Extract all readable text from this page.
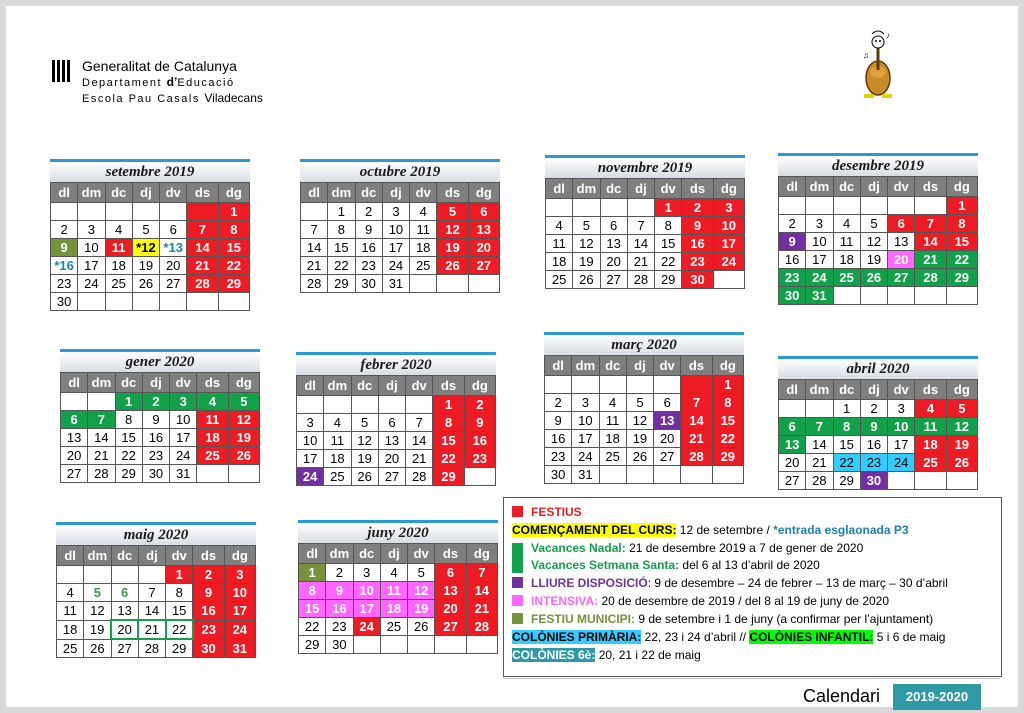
Generalitat de Catalunya
Departament d’Educació
Escola Pau Casals Viladecans
♪
♫
setembre 2019
dl	dm	dc	dj	dv	ds	dg
						1
2	3	4	5	6	7	8
9	10	11	*12	*13	14	15
*16	17	18	19	20	21	22
23	24	25	26	27	28	29
30						
octubre 2019
dl	dm	dc	dj	dv	ds	dg
	1	2	3	4	5	6
7	8	9	10	11	12	13
14	15	16	17	18	19	20
21	22	23	24	25	26	27
28	29	30	31			
novembre 2019
dl	dm	dc	dj	dv	ds	dg
				1	2	3
4	5	6	7	8	9	10
11	12	13	14	15	16	17
18	19	20	21	22	23	24
25	26	27	28	29	30	
desembre 2019
dl	dm	dc	dj	dv	ds	dg
						1
2	3	4	5	6	7	8
9	10	11	12	13	14	15
16	17	18	19	20	21	22
23	24	25	26	27	28	29
30	31					
gener 2020
dl	dm	dc	dj	dv	ds	dg
		1	2	3	4	5
6	7	8	9	10	11	12
13	14	15	16	17	18	19
20	21	22	23	24	25	26
27	28	29	30	31		
febrer 2020
dl	dm	dc	dj	dv	ds	dg
					1	2
3	4	5	6	7	8	9
10	11	12	13	14	15	16
17	18	19	20	21	22	23
24	25	26	27	28	29	
març 2020
dl	dm	dc	dj	dv	ds	dg
						1
2	3	4	5	6	7	8
9	10	11	12	13	14	15
16	17	18	19	20	21	22
23	24	25	26	27	28	29
30	31					
abril 2020
dl	dm	dc	dj	dv	ds	dg
		1	2	3	4	5
6	7	8	9	10	11	12
13	14	15	16	17	18	19
20	21	22	23	24	25	26
27	28	29	30			
maig 2020
dl	dm	dc	dj	dv	ds	dg
				1	2	3
4	5	6	7	8	9	10
11	12	13	14	15	16	17
18	19	20	21	22	23	24
25	26	27	28	29	30	31
juny 2020
dl	dm	dc	dj	dv	ds	dg
1	2	3	4	5	6	7
8	9	10	11	12	13	14
15	16	17	18	19	20	21
22	23	24	25	26	27	28
29	30					
FESTIUS
COMENÇAMENT DEL CURS: 12 de setembre / *entrada esglaonada P3
Vacances Nadal: 21 de desembre 2019 a 7 de gener de 2020
Vacances Setmana Santa: del 6 al 13 d’abril de 2020
LLIURE DISPOSICIÓ: 9 de desembre – 24 de febrer – 13 de març – 30 d’abril
INTENSIVA: 20 de desembre de 2019 / del 8 al 19 de juny de 2020
FESTIU MUNICIPI: 9 de setembre i 1 de juny (a confirmar per l’ajuntament)
COLÒNIES PRIMÀRIA: 22, 23 i 24 d’abril // COLÒNIES INFANTIL: 5 i 6 de maig
COLÒNIES 6è: 20, 21 i 22 de maig
Calendari	2019-2020
